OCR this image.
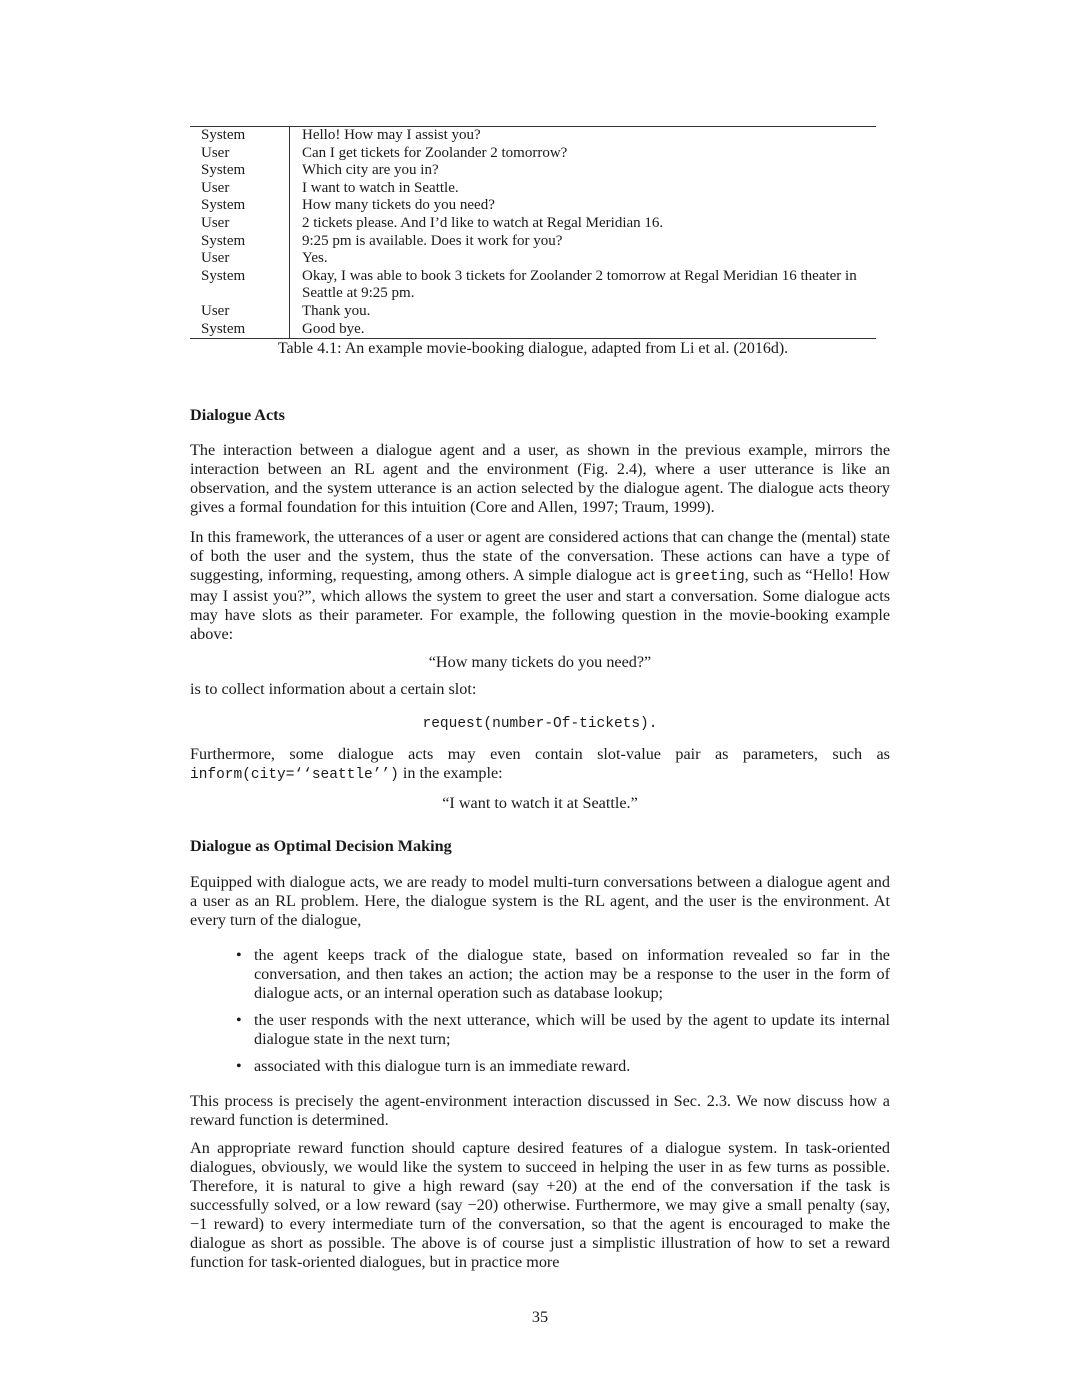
System	Hello! How may I assist you?
User	Can I get tickets for Zoolander 2 tomorrow?
System	Which city are you in?
User	I want to watch in Seattle.
System	How many tickets do you need?
User	2 tickets please. And I’d like to watch at Regal Meridian 16.
System	9:25 pm is available. Does it work for you?
User	Yes.
System	Okay, I was able to book 3 tickets for Zoolander 2 tomorrow at Regal Meridian 16 theater in Seattle at 9:25 pm.
User	Thank you.
System	Good bye.
Table 4.1: An example movie-booking dialogue, adapted from Li et al. (2016d).
Dialogue Acts

The interaction between a dialogue agent and a user, as shown in the previous example, mirrors the interaction between an RL agent and the environment (Fig. 2.4), where a user utterance is like an observation, and the system utterance is an action selected by the dialogue agent. The dialogue acts theory gives a formal foundation for this intuition (Core and Allen, 1997; Traum, 1999).

In this framework, the utterances of a user or agent are considered actions that can change the (mental) state of both the user and the system, thus the state of the conversation. These actions can have a type of suggesting, informing, requesting, among others. A simple dialogue act is greeting, such as “Hello! How may I assist you?”, which allows the system to greet the user and start a conversation. Some dialogue acts may have slots as their parameter. For example, the following question in the movie-booking example above:

“How many tickets do you need?”

is to collect information about a certain slot:

request(number-Of-tickets).

Furthermore, some dialogue acts may even contain slot-value pair as parameters, such as inform(city=‘‘seattle’’) in the example:

“I want to watch it at Seattle.”

Dialogue as Optimal Decision Making

Equipped with dialogue acts, we are ready to model multi-turn conversations between a dialogue agent and a user as an RL problem. Here, the dialogue system is the RL agent, and the user is the environment. At every turn of the dialogue,

• the agent keeps track of the dialogue state, based on information revealed so far in the conversation, and then takes an action; the action may be a response to the user in the form of dialogue acts, or an internal operation such as database lookup;
• the user responds with the next utterance, which will be used by the agent to update its internal dialogue state in the next turn;
• associated with this dialogue turn is an immediate reward.

This process is precisely the agent-environment interaction discussed in Sec. 2.3. We now discuss how a reward function is determined.

An appropriate reward function should capture desired features of a dialogue system. In task-oriented dialogues, obviously, we would like the system to succeed in helping the user in as few turns as possible. Therefore, it is natural to give a high reward (say +20) at the end of the conversation if the task is successfully solved, or a low reward (say −20) otherwise. Furthermore, we may give a small penalty (say, −1 reward) to every intermediate turn of the conversation, so that the agent is encouraged to make the dialogue as short as possible. The above is of course just a simplistic illustration of how to set a reward function for task-oriented dialogues, but in practice more

35
